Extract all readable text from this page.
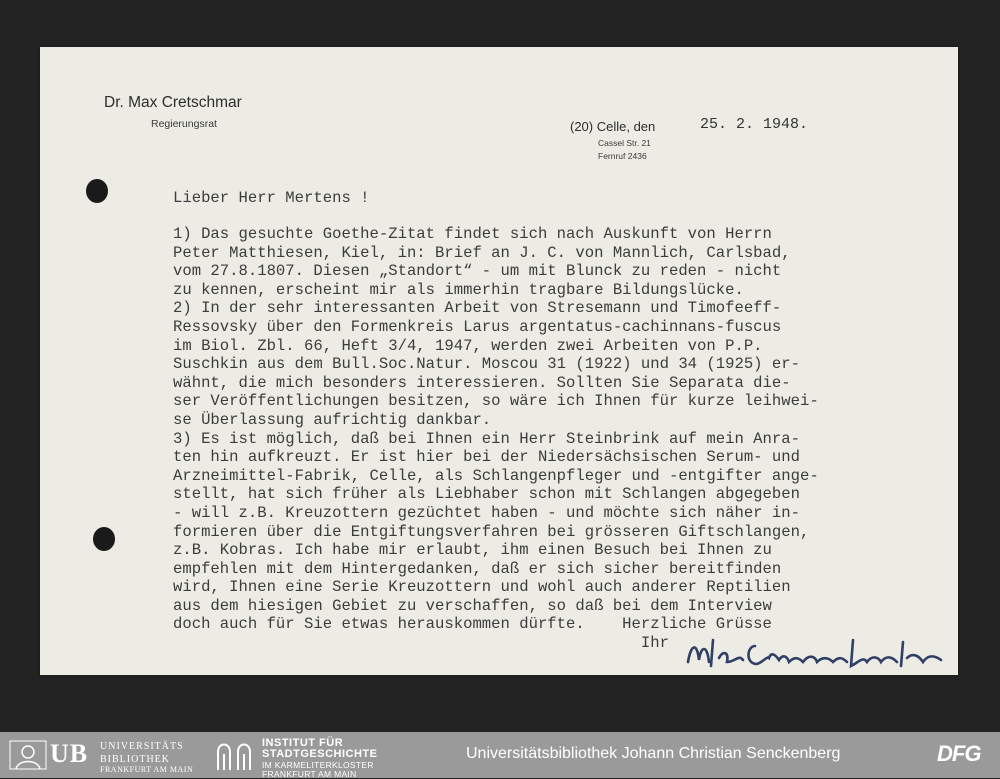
Dr. Max Cretschmar
Regierungsrat	(20) Celle, den	25. 2. 1948.
Cassel Str. 21
Fernruf 2436
Lieber Herr Mertens !
1) Das gesuchte Goethe-Zitat findet sich nach Auskunft von Herrn
Peter Matthiesen, Kiel, in: Brief an J. C. von Mannlich, Carlsbad,
vom 27.8.1807. Diesen „Standort“ - um mit Blunck zu reden - nicht
zu kennen, erscheint mir als immerhin tragbare Bildungslücke.
2) In der sehr interessanten Arbeit von Stresemann und Timofeeff-
Ressovsky über den Formenkreis Larus argentatus-cachinnans-fuscus
im Biol. Zbl. 66, Heft 3/4, 1947, werden zwei Arbeiten von P.P.
Suschkin aus dem Bull.Soc.Natur. Moscou 31 (1922) und 34 (1925) er-
wähnt, die mich besonders interessieren. Sollten Sie Separata die-
ser Veröffentlichungen besitzen, so wäre ich Ihnen für kurze leihwei-
se Überlassung aufrichtig dankbar.
3) Es ist möglich, daß bei Ihnen ein Herr Steinbrink auf mein Anra-
ten hin aufkreuzt. Er ist hier bei der Niedersächsischen Serum- und
Arzneimittel-Fabrik, Celle, als Schlangenpfleger und -entgifter ange-
stellt, hat sich früher als Liebhaber schon mit Schlangen abgegeben
- will z.B. Kreuzottern gezüchtet haben - und möchte sich näher in-
formieren über die Entgiftungsverfahren bei grösseren Giftschlangen,
z.B. Kobras. Ich habe mir erlaubt, ihm einen Besuch bei Ihnen zu
empfehlen mit dem Hintergedanken, daß er sich sicher bereitfinden
wird, Ihnen eine Serie Kreuzottern und wohl auch anderer Reptilien
aus dem hiesigen Gebiet zu verschaffen, so daß bei dem Interview
doch auch für Sie etwas herauskommen dürfte.    Herzliche Grüsse
Ihr
UB UNIVERSITÄTS
BIBLIOTHEK
FRANKFURT AM MAIN
INSTITUT FÜR
STADTGESCHICHTE
IM KARMELITERKLOSTER
FRANKFURT AM MAIN
Universitätsbibliothek Johann Christian Senckenberg	DFG
